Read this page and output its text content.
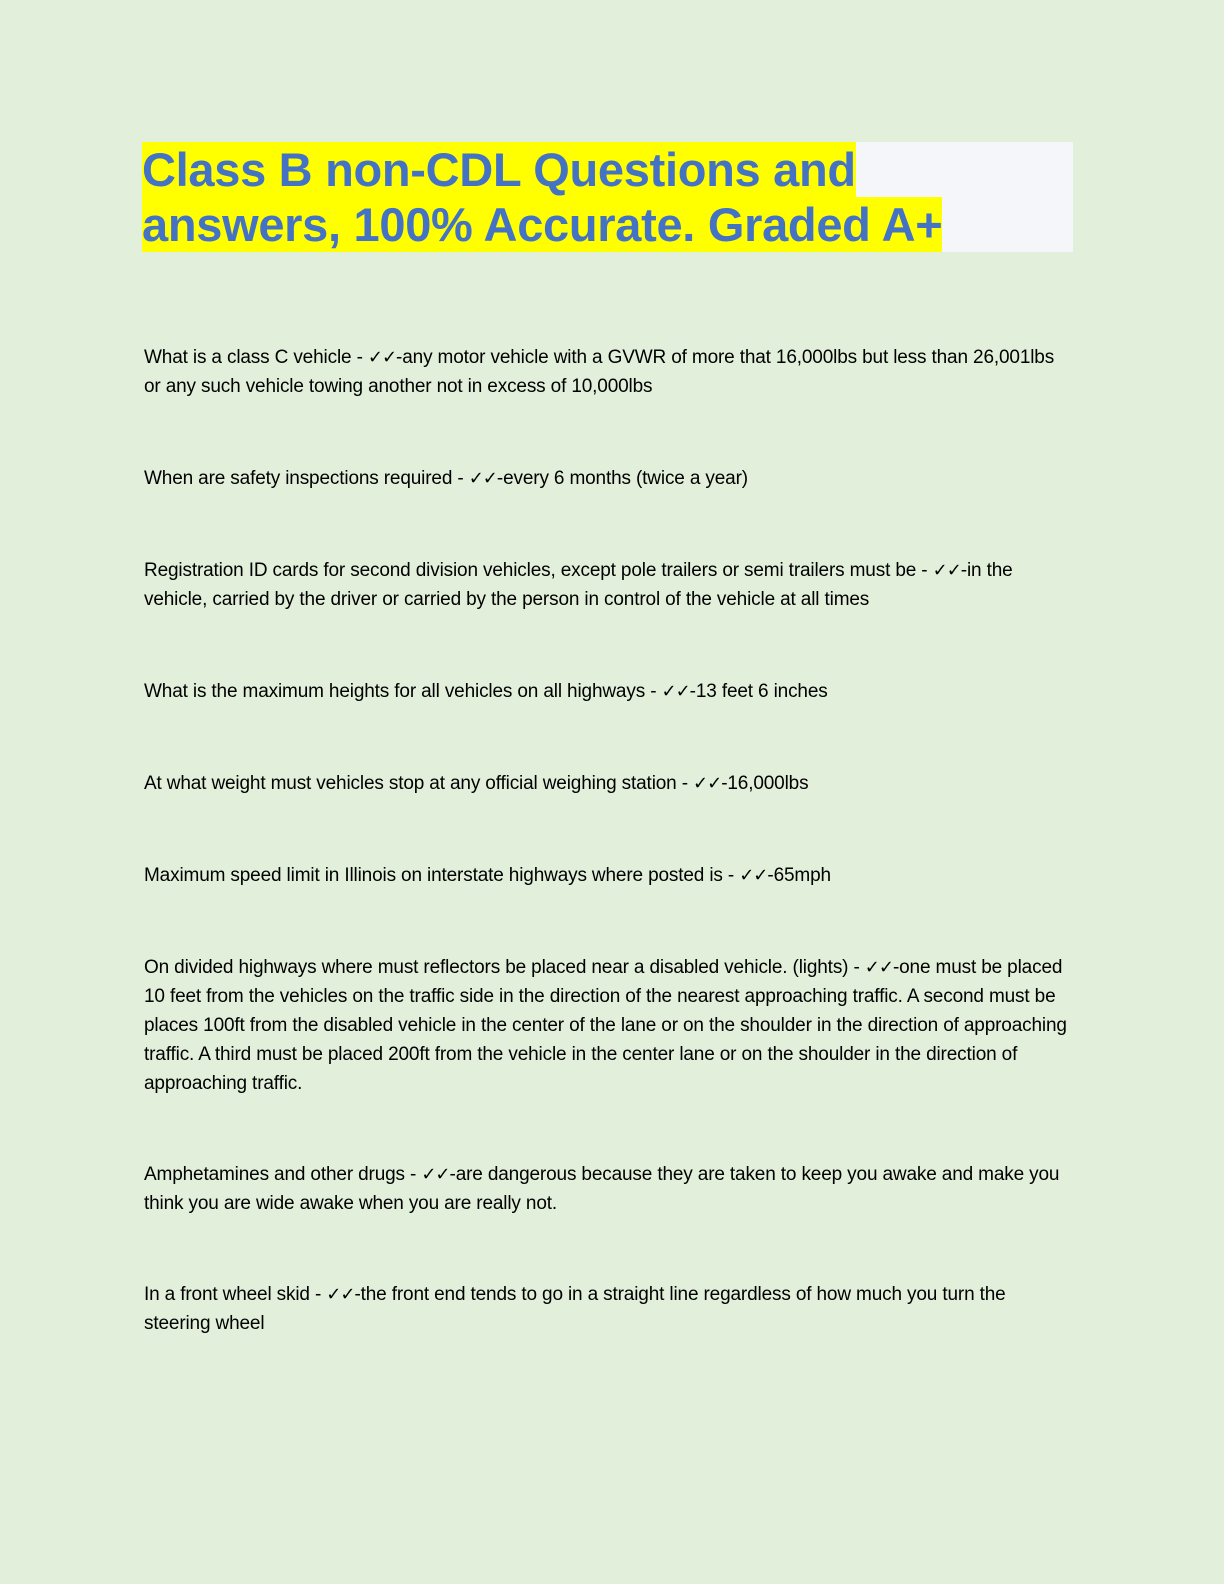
Class B non-CDL Questions and
answers, 100% Accurate. Graded A+

What is a class C vehicle - ✓✓-any motor vehicle with a GVWR of more that 16,000lbs but less than 26,001lbs or any such vehicle towing another not in excess of 10,000lbs

When are safety inspections required - ✓✓-every 6 months (twice a year)

Registration ID cards for second division vehicles, except pole trailers or semi trailers must be - ✓✓-in the vehicle, carried by the driver or carried by the person in control of the vehicle at all times

What is the maximum heights for all vehicles on all highways - ✓✓-13 feet 6 inches

At what weight must vehicles stop at any official weighing station - ✓✓-16,000lbs

Maximum speed limit in Illinois on interstate highways where posted is - ✓✓-65mph

On divided highways where must reflectors be placed near a disabled vehicle. (lights) - ✓✓-one must be placed 10 feet from the vehicles on the traffic side in the direction of the nearest approaching traffic. A second must be places 100ft from the disabled vehicle in the center of the lane or on the shoulder in the direction of approaching traffic. A third must be placed 200ft from the vehicle in the center lane or on the shoulder in the direction of approaching traffic.

Amphetamines and other drugs - ✓✓-are dangerous because they are taken to keep you awake and make you think you are wide awake when you are really not.

In a front wheel skid - ✓✓-the front end tends to go in a straight line regardless of how much you turn the steering wheel
